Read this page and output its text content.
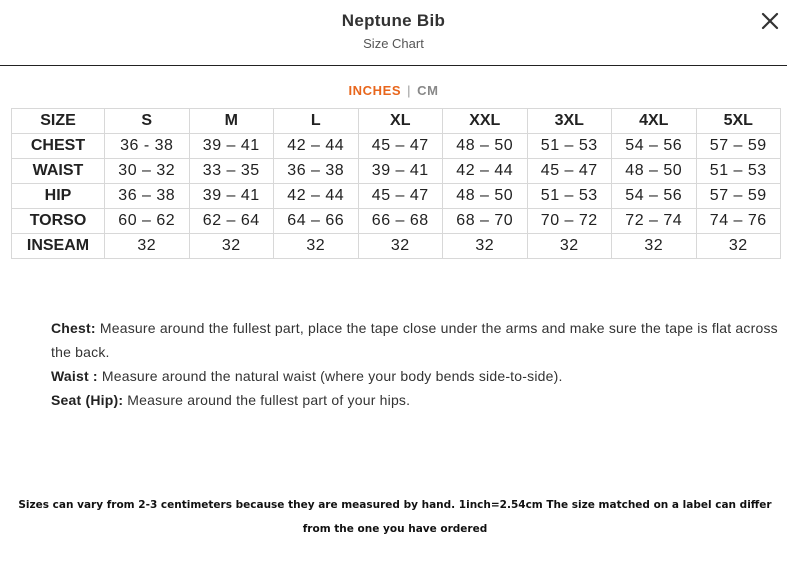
Neptune Bib
Size Chart
INCHES | CM
SIZE	S	M	L	XL	XXL	3XL	4XL	5XL
CHEST	36 - 38	39 – 41	42 – 44	45 – 47	48 – 50	51 – 53	54 – 56	57 – 59
WAIST	30 – 32	33 – 35	36 – 38	39 – 41	42 – 44	45 – 47	48 – 50	51 – 53
HIP	36 – 38	39 – 41	42 – 44	45 – 47	48 – 50	51 – 53	54 – 56	57 – 59
TORSO	60 – 62	62 – 64	64 – 66	66 – 68	68 – 70	70 – 72	72 – 74	74 – 76
INSEAM	32	32	32	32	32	32	32	32

Chest: Measure around the fullest part, place the tape close under the arms and make sure the tape is flat across the back.

Waist : Measure around the natural waist (where your body bends side-to-side).

Seat (Hip): Measure around the fullest part of your hips.

Sizes can vary from 2-3 centimeters because they are measured by hand. 1inch=2.54cm The size matched on a label can differ from the one you have ordered
